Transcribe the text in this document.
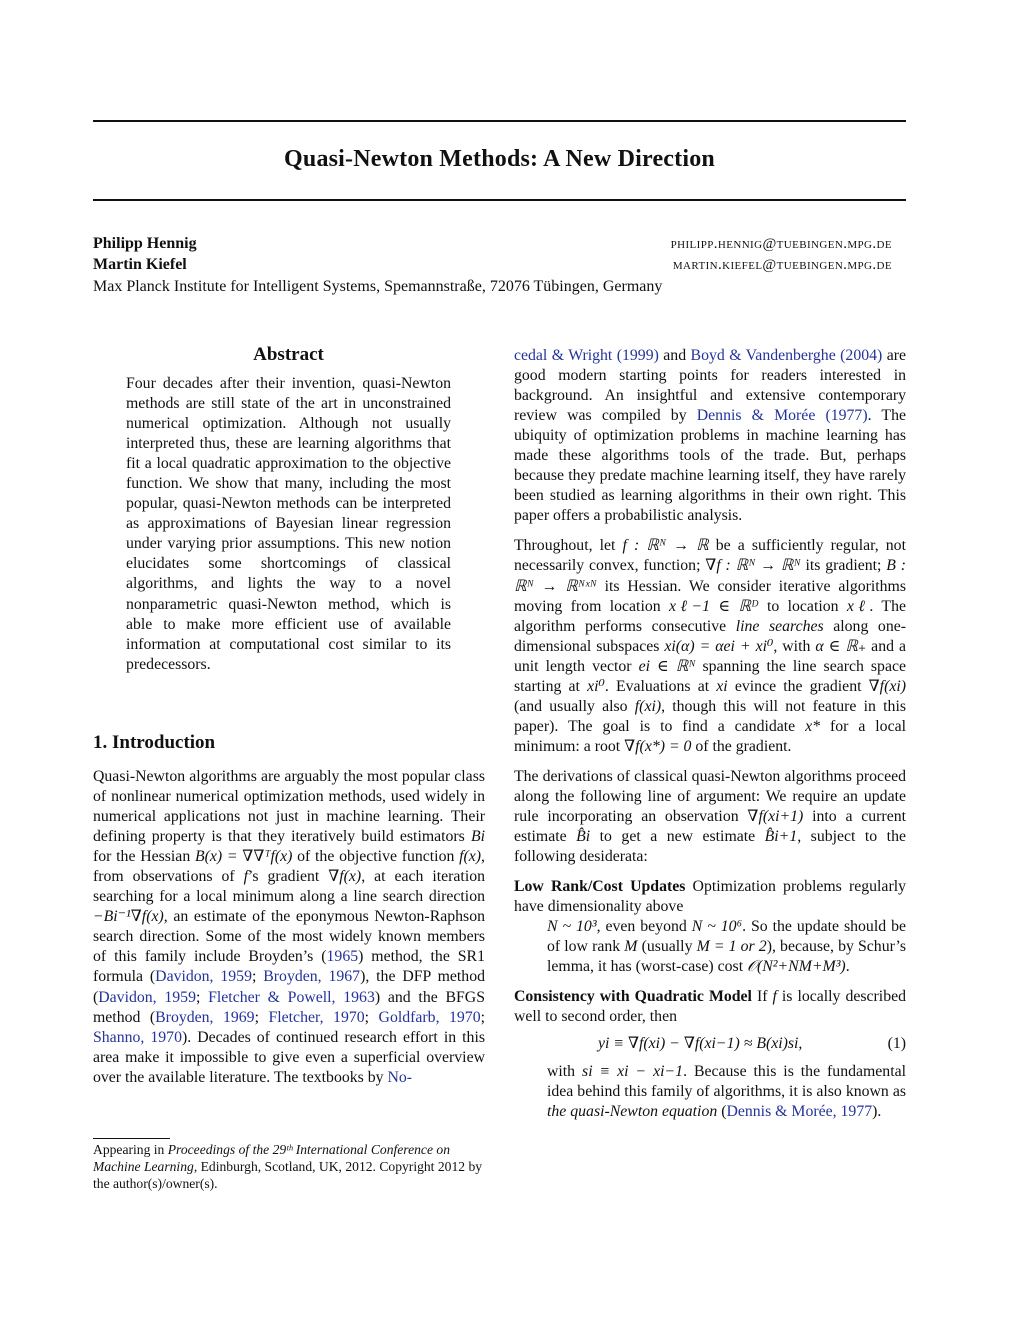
Quasi-Newton Methods: A New Direction
Philipp Hennig	philipp.hennig@tuebingen.mpg.de
Martin Kiefel	martin.kiefel@tuebingen.mpg.de
Max Planck Institute for Intelligent Systems, Spemannstraße, 72076 Tübingen, Germany
Abstract
Four decades after their invention, quasi-Newton methods are still state of the art in unconstrained numerical optimization. Although not usually interpreted thus, these are learning algorithms that fit a local quadratic approximation to the objective function. We show that many, including the most popular, quasi-Newton methods can be interpreted as approximations of Bayesian linear regression under varying prior assumptions. This new notion elucidates some shortcomings of classical algorithms, and lights the way to a novel nonparametric quasi-Newton method, which is able to make more efficient use of available information at computational cost similar to its predecessors.
1. Introduction

Quasi-Newton algorithms are arguably the most popular class of nonlinear numerical optimization methods, used widely in numerical applications not just in machine learning. Their defining property is that they iteratively build estimators Bi for the Hessian B(x) = ∇∇ᵀf(x) of the objective function f(x), from observations of f’s gradient ∇f(x), at each iteration searching for a local minimum along a line search direction −Bi⁻¹∇f(x), an estimate of the eponymous Newton-Raphson search direction. Some of the most widely known members of this family include Broyden’s (1965) method, the SR1 formula (Davidon, 1959; Broyden, 1967), the DFP method (Davidon, 1959; Fletcher & Powell, 1963) and the BFGS method (Broyden, 1969; Fletcher, 1970; Goldfarb, 1970; Shanno, 1970). Decades of continued research effort in this area make it impossible to give even a superficial overview over the available literature. The textbooks by No-

Appearing in Proceedings of the 29ᵗʰ International Conference on Machine Learning, Edinburgh, Scotland, UK, 2012. Copyright 2012 by the author(s)/owner(s).

cedal & Wright (1999) and Boyd & Vandenberghe (2004) are good modern starting points for readers interested in background. An insightful and extensive contemporary review was compiled by Dennis & Morée (1977). The ubiquity of optimization problems in machine learning has made these algorithms tools of the trade. But, perhaps because they predate machine learning itself, they have rarely been studied as learning algorithms in their own right. This paper offers a probabilistic analysis.

Throughout, let f : ℝᴺ → ℝ be a sufficiently regular, not necessarily convex, function; ∇f : ℝᴺ → ℝᴺ its gradient; B : ℝᴺ → ℝᴺˣᴺ its Hessian. We consider iterative algorithms moving from location xℓ−1 ∈ ℝᴰ to location xℓ. The algorithm performs consecutive line searches along one-dimensional subspaces xi(α) = αei + xi⁰, with α ∈ ℝ₊ and a unit length vector ei ∈ ℝᴺ spanning the line search space starting at xi⁰. Evaluations at xi evince the gradient ∇f(xi) (and usually also f(xi), though this will not feature in this paper). The goal is to find a candidate x* for a local minimum: a root ∇f(x*) = 0 of the gradient.

The derivations of classical quasi-Newton algorithms proceed along the following line of argument: We require an update rule incorporating an observation ∇f(xi+1) into a current estimate B̂i to get a new estimate B̂i+1, subject to the following desiderata:

Low Rank/Cost Updates Optimization problems regularly have dimensionality above
N ~ 10³, even beyond N ~ 10⁶. So the update should be of low rank M (usually M = 1 or 2), because, by Schur’s lemma, it has (worst-case) cost 𝒪(N²+NM+M³).
Consistency with Quadratic Model If f is locally described well to second order, then
yi ≡ ∇f(xi) − ∇f(xi−1) ≈ B(xi)si,	(1)
with si ≡ xi − xi−1. Because this is the fundamental idea behind this family of algorithms, it is also known as the quasi-Newton equation (Dennis & Morée, 1977).
